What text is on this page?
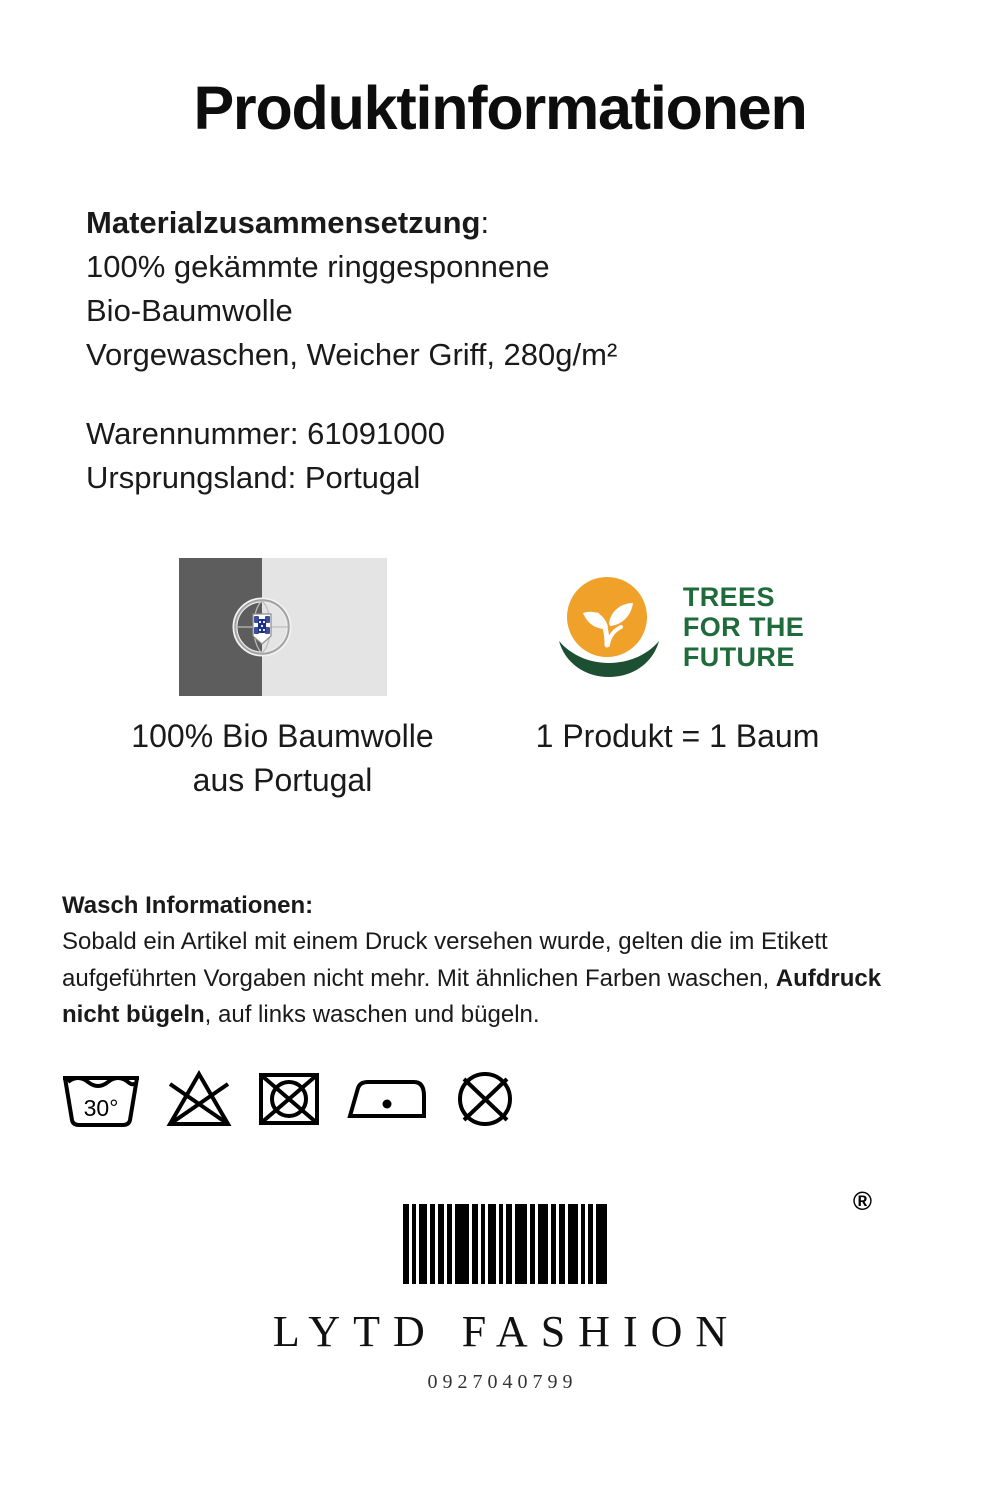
Produktinformationen

Materialzusammensetzung:

100% gekämmte ringgesponnene

Bio-Baumwolle

Vorgewaschen, Weicher Griff, 280g/m²

Warennummer: 61091000

Ursprungsland: Portugal

100% Bio Baumwolle
aus Portugal
TREES
FOR THE
FUTURE
1 Produkt = 1 Baum

Wasch Informationen:

Sobald ein Artikel mit einem Druck versehen wurde, gelten die im Etikett aufgeführten Vorgaben nicht mehr. Mit ähnlichen Farben waschen, Aufdruck nicht bügeln, auf links waschen und bügeln.

30°
®
LYTD FASHION
0927040799
